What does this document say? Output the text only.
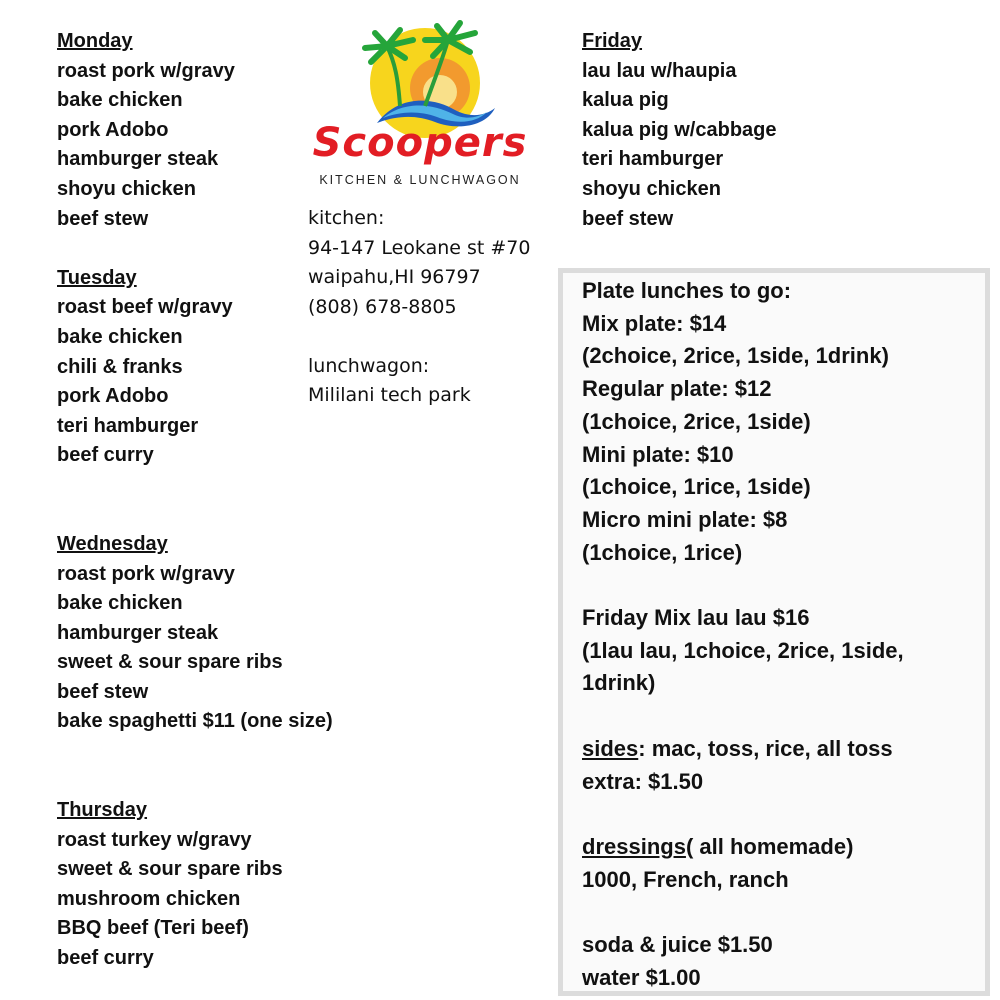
Monday
roast pork w/gravy
bake chicken
pork Adobo
hamburger steak
shoyu chicken
beef stew
Tuesday
roast beef w/gravy
bake chicken
chili & franks
pork Adobo
teri hamburger
beef curry
Wednesday
roast pork w/gravy
bake chicken
hamburger steak
sweet & sour spare ribs
beef stew
bake spaghetti $11 (one size)
Thursday
roast turkey w/gravy
sweet & sour spare ribs
mushroom chicken
BBQ beef (Teri beef)
beef curry
Scoopers
KITCHEN & LUNCHWAGON
kitchen:
94-147 Leokane st #70
waipahu,HI 96797
(808) 678-8805
lunchwagon:
Mililani tech park
Friday
lau lau w/haupia
kalua pig
kalua pig w/cabbage
teri hamburger
shoyu chicken
beef stew
Plate lunches to go:
Mix plate: $14
(2choice, 2rice, 1side, 1drink)
Regular plate: $12
(1choice, 2rice, 1side)
Mini plate: $10
(1choice, 1rice, 1side)
Micro mini plate: $8
(1choice, 1rice)
Friday Mix lau lau $16
(1lau lau, 1choice, 2rice, 1side,
1drink)
sides: mac, toss, rice, all toss
extra: $1.50
dressings( all homemade)
1000, French, ranch
soda & juice $1.50
water $1.00
